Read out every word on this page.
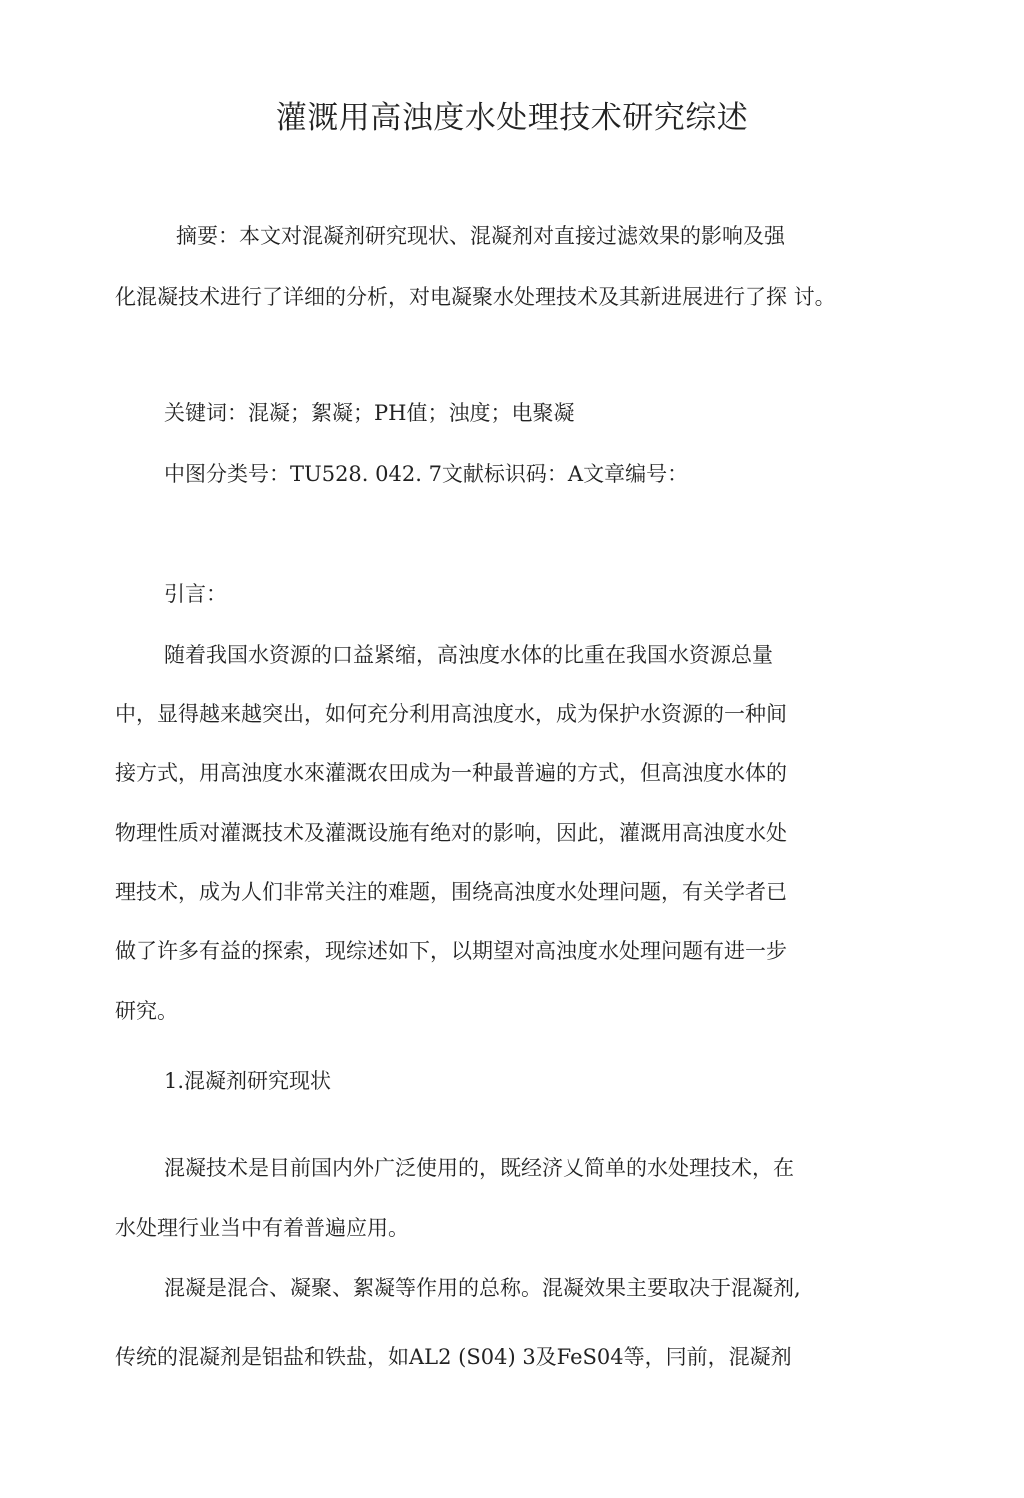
灌溉用高浊度水处理技术研究综述
摘要：本文对混凝剂研究现状、混凝剂对直接过滤效果的影响及强
化混凝技术进行了详细的分析，对电凝聚水处理技术及其新进展进行了探 讨。
关键词：混凝；絮凝；PH值；浊度；电聚凝
中图分类号：TU528. 042. 7文献标识码：A文章编号：
引言：
随着我国水资源的口益紧缩，高浊度水体的比重在我国水资源总量
中，显得越来越突出，如何充分利用高浊度水，成为保护水资源的一种间
接方式，用高浊度水來灌溉农田成为一种最普遍的方式，但高浊度水体的
物理性质对灌溉技术及灌溉设施有绝对的影响，因此，灌溉用高浊度水处
理技术，成为人们非常关注的难题，围绕高浊度水处理问题，有关学者已
做了许多有益的探索，现综述如下，以期望对高浊度水处理问题有进一步
研究。
1.混凝剂研究现状
混凝技术是目前国内外广泛使用的，既经济乂简单的水处理技术，在
水处理行业当中有着普遍应用。
混凝是混合、凝聚、絮凝等作用的总称。混凝效果主要取决于混凝剂,
传统的混凝剂是铝盐和铁盐，如AL2 (S04) 3及FeS04等，冃前，混凝剂
